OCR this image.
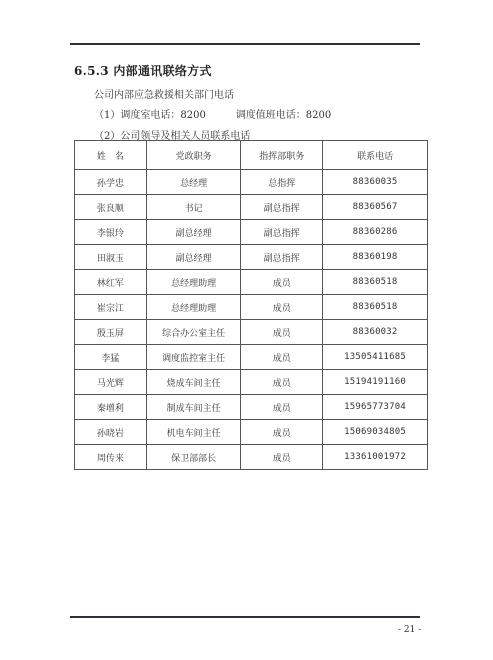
6.5.3 内部通讯联络方式
公司内部应急救援相关部门电话
（1）调度室电话：8200	调度值班电话：8200
（2）公司领导及相关人员联系电话
姓　名	党政职务	指挥部职务	联系电话
孙学忠	总经理	总指挥	88360035
张良顺	书记	副总指挥	88360567
李银玲	副总经理	副总指挥	88360286
田淑玉	副总经理	副总指挥	88360198
林红军	总经理助理	成员	88360518
崔宗江	总经理助理	成员	88360518
殷玉屏	综合办公室主任	成员	88360032
李猛	调度监控室主任	成员	13505411685
马光辉	烧成车间主任	成员	15194191160
秦增利	制成车间主任	成员	15965773704
孙晓岩	机电车间主任	成员	15069034805
周传来	保卫部部长	成员	13361001972
- 21 -
